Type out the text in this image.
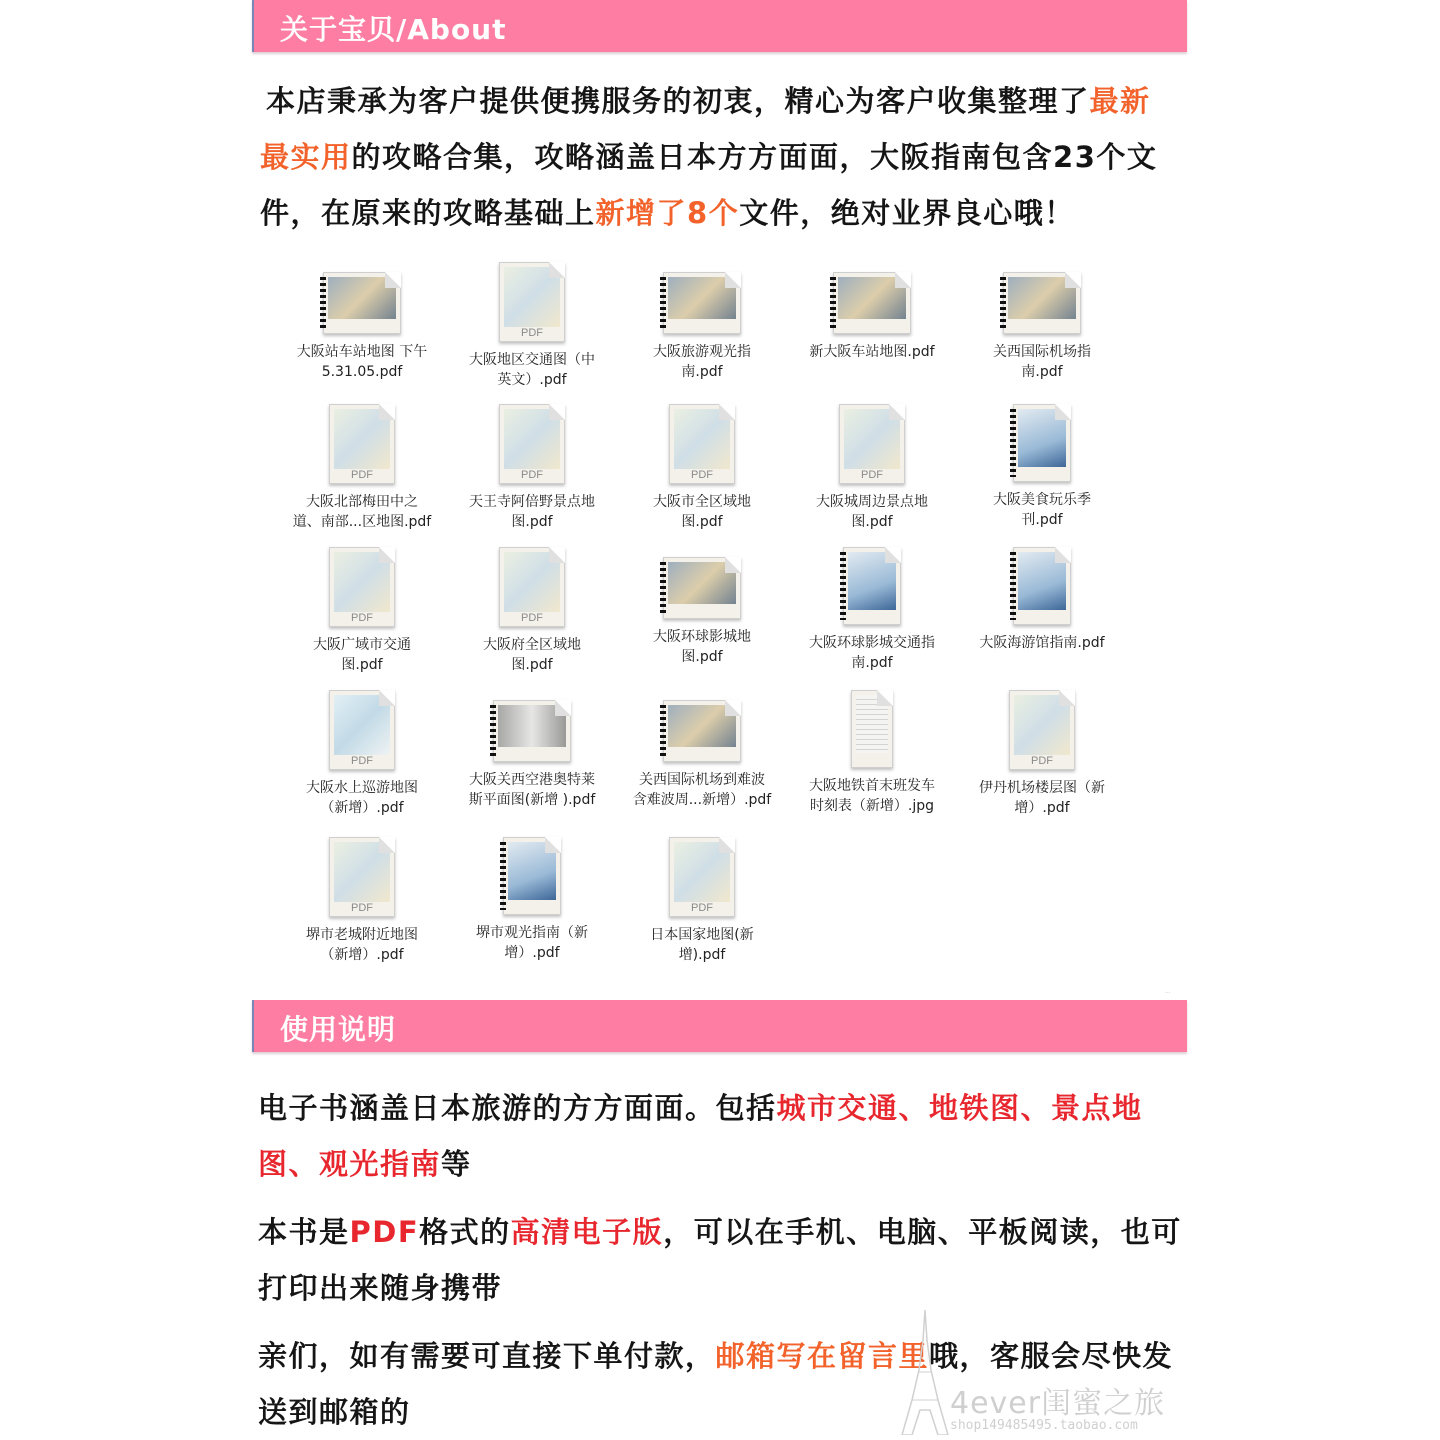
关于宝贝/About
本店秉承为客户提供便携服务的初衷，精心为客户收集整理了最新
最实用的攻略合集，攻略涵盖日本方方面面，大阪指南包含23个文
件，在原来的攻略基础上新增了8个文件，绝对业界良心哦！
大阪站车站地图 下午
5.31.05.pdf
PDF
大阪地区交通图（中
英文）.pdf
大阪旅游观光指
南.pdf
新大阪车站地图.pdf	关西国际机场指
南.pdf
PDF
大阪北部梅田中之
道、南部...区地图.pdf
PDF
天王寺阿倍野景点地
图.pdf
PDF
大阪市全区域地
图.pdf
PDF
大阪城周边景点地
图.pdf
大阪美食玩乐季
刊.pdf
PDF
大阪广域市交通
图.pdf
PDF
大阪府全区域地
图.pdf
大阪环球影城地
图.pdf
大阪环球影城交通指
南.pdf
大阪海游馆指南.pdf
PDF
大阪水上巡游地图
（新增）.pdf
大阪关西空港奥特莱
斯平面图(新增 ).pdf
关西国际机场到难波
含难波周...新增）.pdf
大阪地铁首末班发车
时刻表（新增）.jpg
PDF
伊丹机场楼层图（新
增）.pdf
PDF
堺市老城附近地图
（新增）.pdf
堺市观光指南（新
增）.pdf
PDF
日本国家地图(新
增).pdf
使用说明

电子书涵盖日本旅游的方方面面。包括城市交通、地铁图、景点地图、观光指南等

本书是PDF格式的高清电子版，可以在手机、电脑、平板阅读，也可打印出来随身携带

亲们，如有需要可直接下单付款，邮箱写在留言里哦，客服会尽快发送到邮箱的

···
4ever闺蜜之旅
shop149485495.taobao.com
